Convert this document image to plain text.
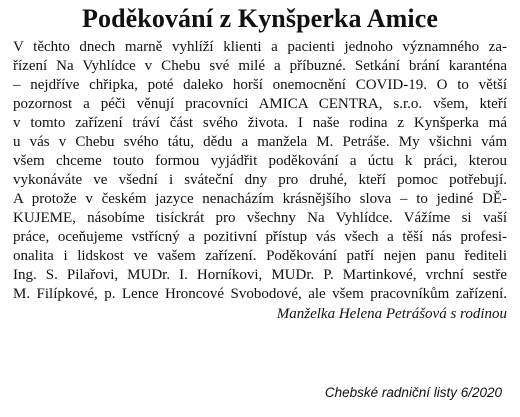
Poděkování z Kynšperka Amice
V těchto dnech marně vyhlíží klienti a pacienti jednoho významného za-
řízení Na Vyhlídce v Chebu své milé a příbuzné. Setkání brání karanténa
– nejdříve chřipka, poté daleko horší onemocnění COVID-19. O to větší
pozornost a péči věnují pracovníci AMICA CENTRA, s.r.o. všem, kteří
v tomto zařízení tráví část svého života. I naše rodina z Kynšperka má
u vás v Chebu svého tátu, dědu a manžela M. Petráše. My všichni vám
všem chceme touto formou vyjádřit poděkování a úctu k práci, kterou
vykonáváte ve všední i sváteční dny pro druhé, kteří pomoc potřebují.
A protože v českém jazyce nenacházím krásnějšího slova – to jediné DĚ-
KUJEME, násobíme tisíckrát pro všechny Na Vyhlídce. Vážíme si vaší
práce, oceňujeme vstřícný a pozitivní přístup vás všech a těší nás profesi-
onalita i lidskost ve vašem zařízení. Poděkování patří nejen panu řediteli
Ing. S. Pilařovi, MUDr. I. Horníkovi, MUDr. P. Martinkové, vrchní sestře
M. Filípkové, p. Lence Hroncové Svobodové, ale všem pracovníkům zařízení.
Manželka Helena Petrášová s rodinou
Chebské radniční listy 6/2020
